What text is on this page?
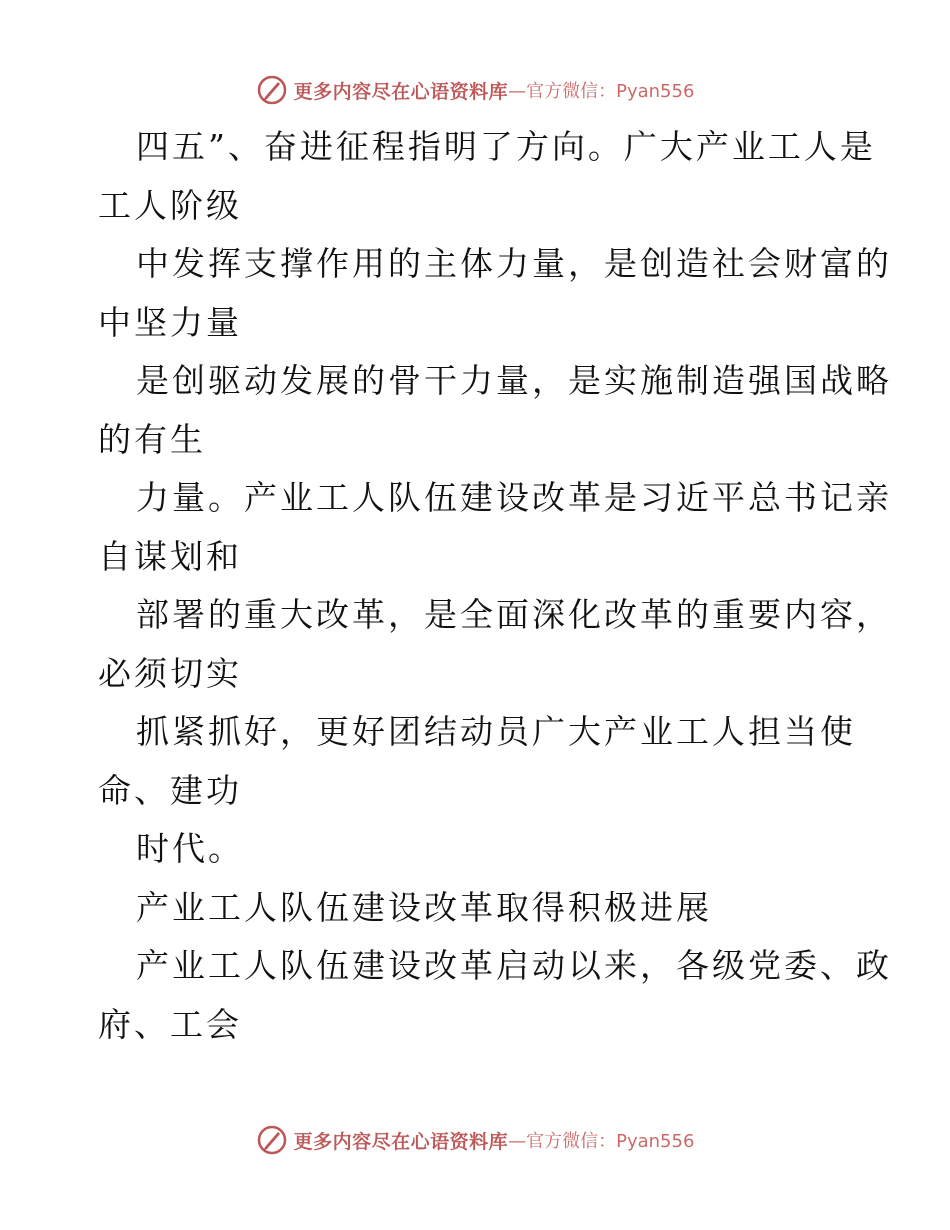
更多内容尽在心语资料库 —官方微信：Pyan556
四五”、奋进征程指明了方向。广大产业工人是
工人阶级
中发挥支撑作用的主体力量，是创造社会财富的
中坚力量
是创驱动发展的骨干力量，是实施制造强国战略
的有生
力量。产业工人队伍建设改革是习近平总书记亲
自谋划和
部署的重大改革，是全面深化改革的重要内容，
必须切实
抓紧抓好，更好团结动员广大产业工人担当使
命、建功
时代。
产业工人队伍建设改革取得积极进展
产业工人队伍建设改革启动以来，各级党委、政
府、工会
更多内容尽在心语资料库 —官方微信：Pyan556
